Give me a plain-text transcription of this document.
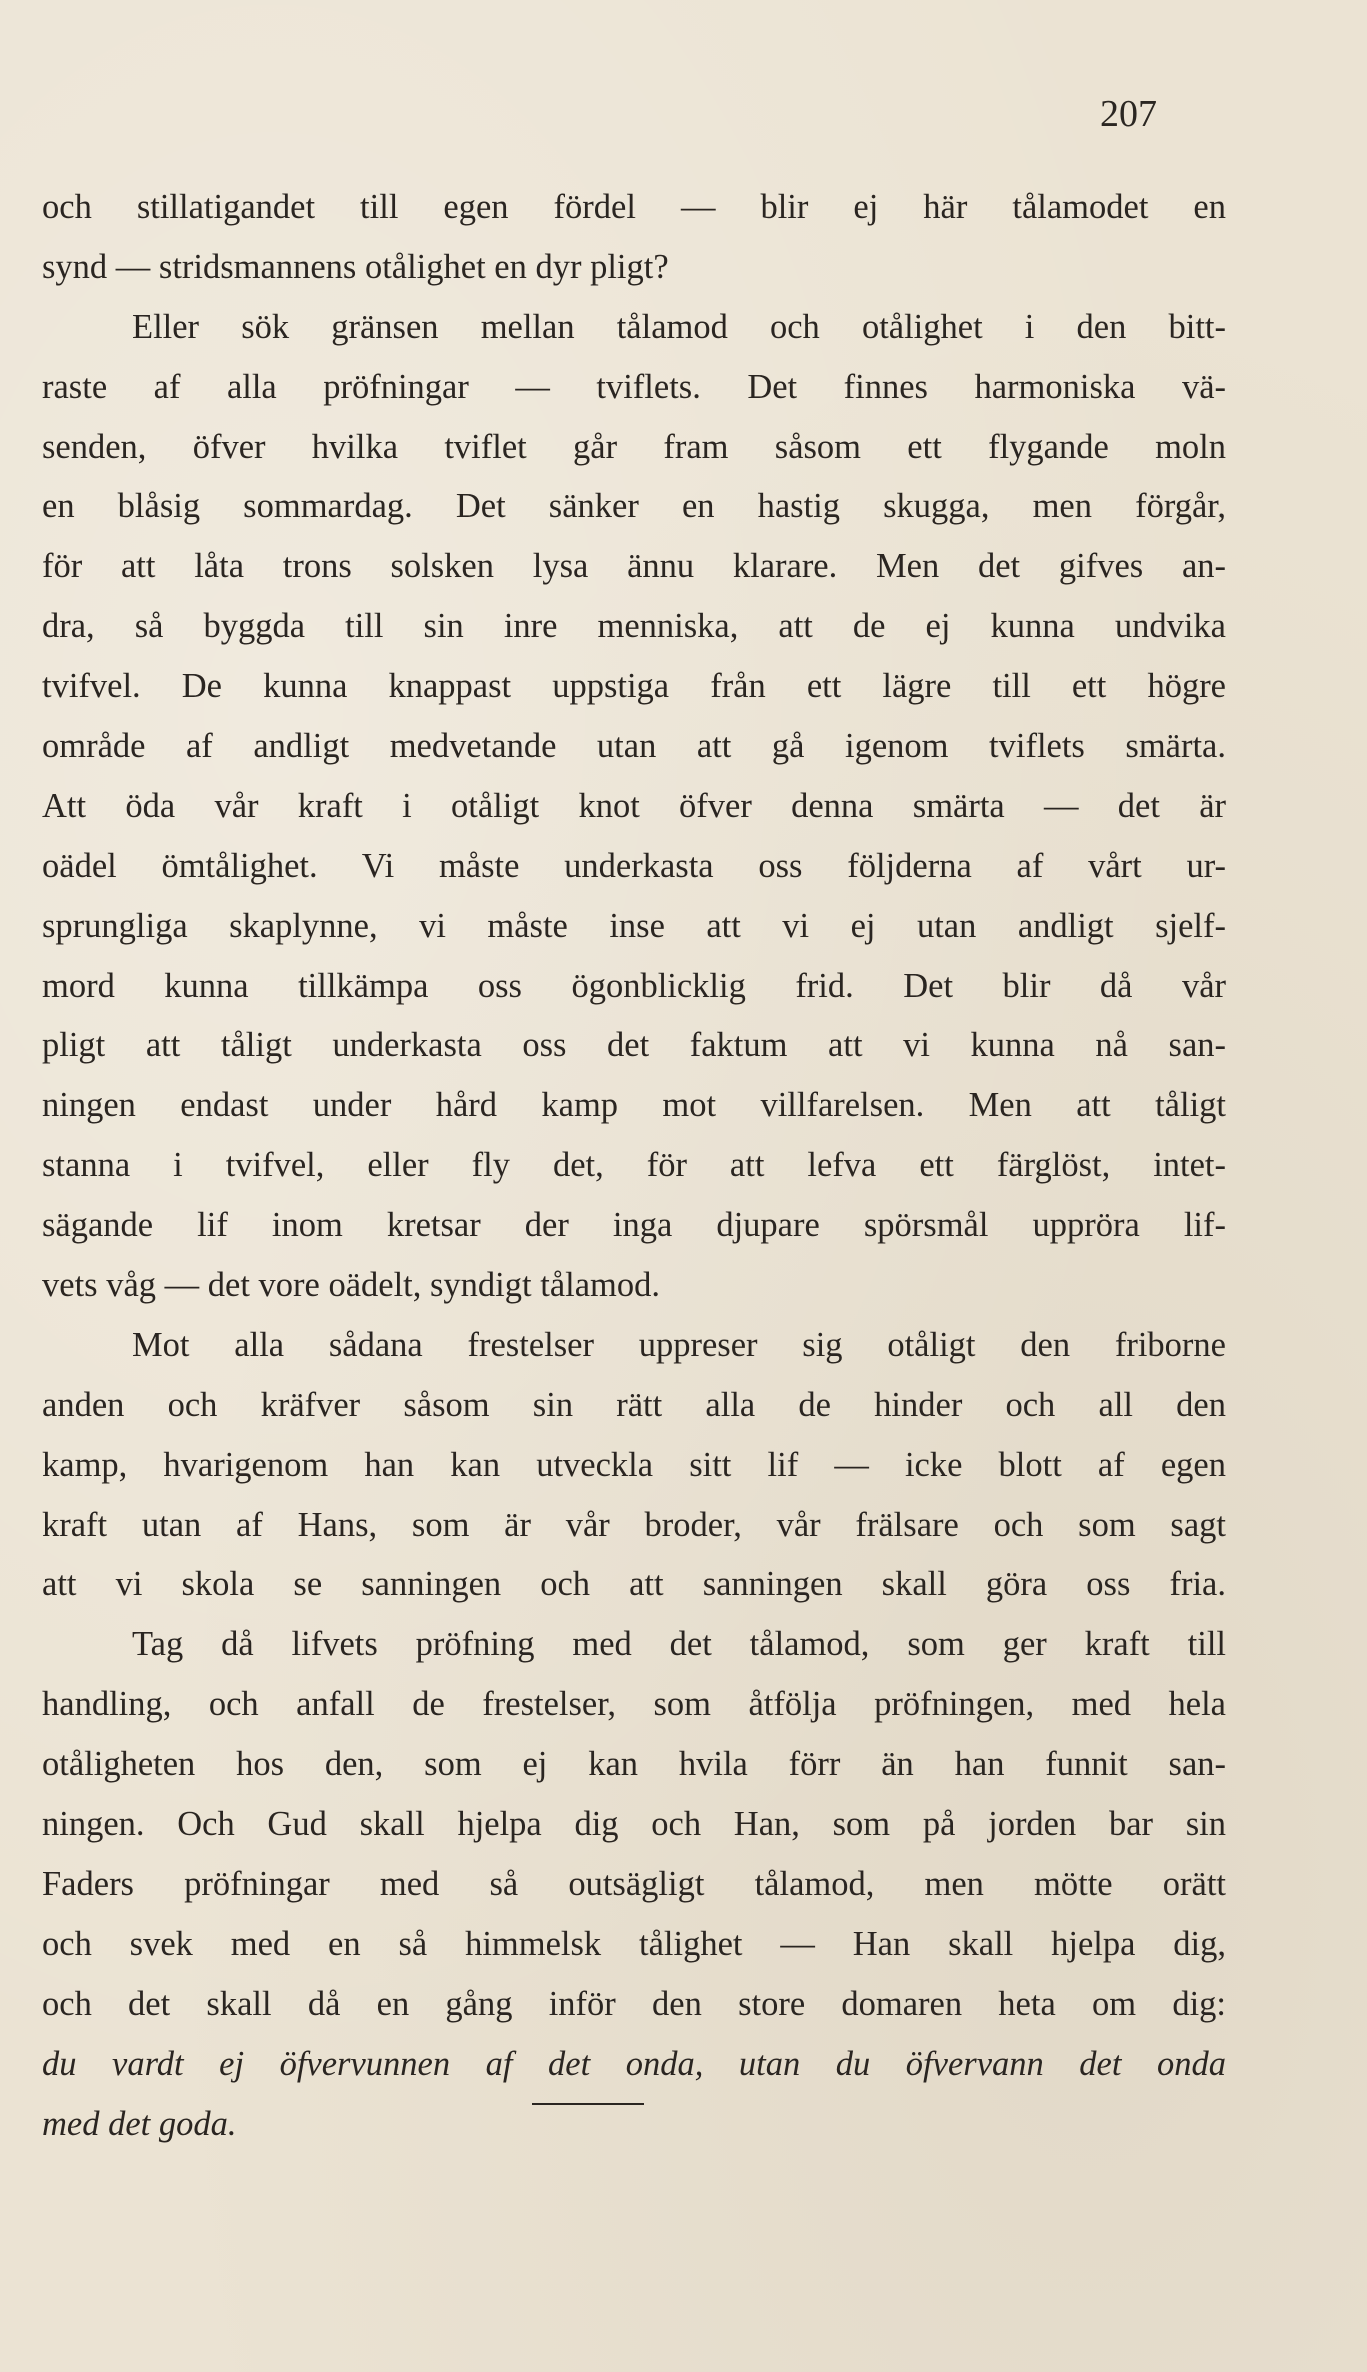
207
och stillatigandet till egen fördel — blir ej här tålamodet en
synd — stridsmannens otålighet en dyr pligt?
Eller sök gränsen mellan tålamod och otålighet i den bitt-
raste af alla pröfningar — tviflets. Det finnes harmoniska vä-
senden, öfver hvilka tviflet går fram såsom ett flygande moln
en blåsig sommardag. Det sänker en hastig skugga, men förgår,
för att låta trons solsken lysa ännu klarare. Men det gifves an-
dra, så byggda till sin inre menniska, att de ej kunna undvika
tvifvel. De kunna knappast uppstiga från ett lägre till ett högre
område af andligt medvetande utan att gå igenom tviflets smärta.
Att öda vår kraft i otåligt knot öfver denna smärta — det är
oädel ömtålighet. Vi måste underkasta oss följderna af vårt ur-
sprungliga skaplynne, vi måste inse att vi ej utan andligt sjelf-
mord kunna tillkämpa oss ögonblicklig frid. Det blir då vår
pligt att tåligt underkasta oss det faktum att vi kunna nå san-
ningen endast under hård kamp mot villfarelsen. Men att tåligt
stanna i tvifvel, eller fly det, för att lefva ett färglöst, intet-
sägande lif inom kretsar der inga djupare spörsmål uppröra lif-
vets våg — det vore oädelt, syndigt tålamod.
Mot alla sådana frestelser uppreser sig otåligt den friborne
anden och kräfver såsom sin rätt alla de hinder och all den
kamp, hvarigenom han kan utveckla sitt lif — icke blott af egen
kraft utan af Hans, som är vår broder, vår frälsare och som sagt
att vi skola se sanningen och att sanningen skall göra oss fria.
Tag då lifvets pröfning med det tålamod, som ger kraft till
handling, och anfall de frestelser, som åtfölja pröfningen, med hela
otåligheten hos den, som ej kan hvila förr än han funnit san-
ningen. Och Gud skall hjelpa dig och Han, som på jorden bar sin
Faders pröfningar med så outsägligt tålamod, men mötte orätt
och svek med en så himmelsk tålighet — Han skall hjelpa dig,
och det skall då en gång inför den store domaren heta om dig:
du vardt ej öfvervunnen af det onda, utan du öfvervann det onda
med det goda.
